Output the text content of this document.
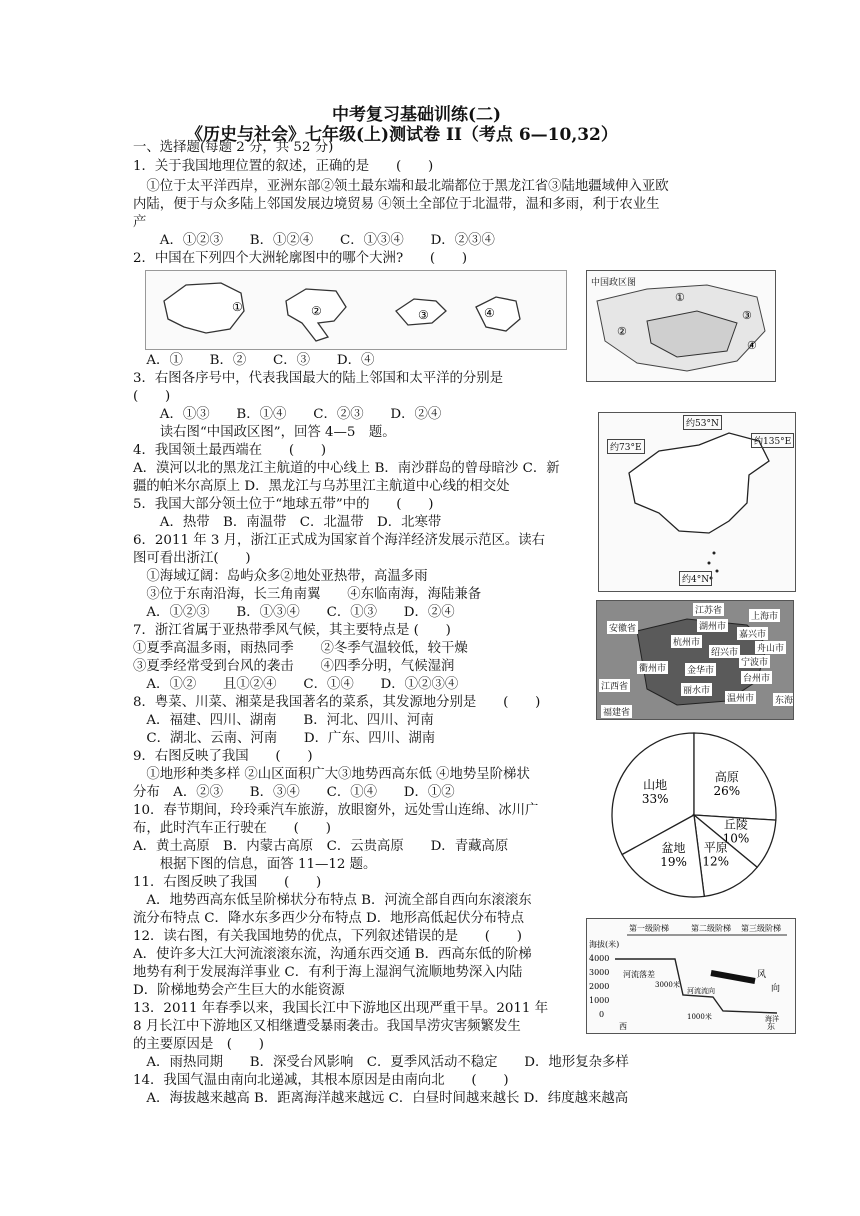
中考复习基础训练(二)
《历史与社会》七年级(上)测试卷 II（考点 6—10,32）
一、选择题(每题 2 分，共 52 分)
1．关于我国地理位置的叙述，正确的是　　(　　)
　①位于太平洋西岸，亚洲东部②领土最东端和最北端都位于黑龙江省③陆地疆域伸入亚欧
内陆，便于与众多陆上邻国发展边境贸易 ④领土全部位于北温带，温和多雨，利于农业生
产
　　A．①②③　　B．①②④　　C．①③④　　D．②③④
2．中国在下列四个大洲轮廓图中的哪个大洲?　　(　　)
　A．①　　B．②　　C．③　　D．④
3．右图各序号中，代表我国最大的陆上邻国和太平洋的分别是
(　　)
　　A．①③　　B．①④　　C．②③　　D．②④
　　读右图“中国政区图”，回答 4—5　题。
4．我国领土最西端在　　(　　)
A．漠河以北的黑龙江主航道的中心线上 B．南沙群岛的曾母暗沙 C．新
疆的帕米尔高原上 D．黑龙江与乌苏里江主航道中心线的相交处
5．我国大部分领土位于“地球五带”中的　　(　　)
　　A．热带　B．南温带　C．北温带　D．北寒带
6．2011 年 3 月，浙江正式成为国家首个海洋经济发展示范区。读右
图可看出浙江(　　)
　①海域辽阔：岛屿众多②地处亚热带，高温多雨
　③位于东南沿海，长三角南翼　　④东临南海，海陆兼备
　A．①②③　　B．①③④　　C．①③　　D．②④
7．浙江省属于亚热带季风气候，其主要特点是 (　　)
①夏季高温多雨，雨热同季　　②冬季气温较低，较干燥
③夏季经常受到台风的袭击　　④四季分明，气候湿润
　A．①②　　且①②④　　C．①④　　D．①②③④
8．粤菜、川菜、湘菜是我国著名的菜系，其发源地分别是　　(　　)
　A．福建、四川、湖南　　B．河北、四川、河南
　C．湖北、云南、河南　　D．广东、四川、湖南
9．右图反映了我国　　(　　)
　①地形种类多样 ②山区面积广大③地势西高东低 ④地势呈阶梯状
分布　A．②③　　B．③④　　C．①④　　D．①②
10．春节期间，玲玲乘汽车旅游，放眼窗外，远处雪山连绵、冰川广
布，此时汽车正行驶在　　(　　)
A．黄土高原　B．内蒙古高原　C．云贵高原　　D．青藏高原
　　根据下图的信息，面答 11—12 题。
11．右图反映了我国　　(　　)
　A．地势西高东低呈阶梯状分布特点 B．河流全部自西向东滚滚东
流分布特点 C．降水东多西少分布特点 D．地形高低起伏分布特点
12．读右图，有关我国地势的优点，下列叙述错误的是　　(　　)
A．使许多大江大河流滚滚东流，沟通东西交通 B．西高东低的阶梯
地势有利于发展海洋事业 C．有利于海上湿润气流顺地势深入内陆
D．阶梯地势会产生巨大的水能资源
13．2011 年春季以来，我国长江中下游地区出现严重干旱。2011 年
8 月长江中下游地区又相继遭受暴雨袭击。我国旱涝灾害频繁发生
的主要原因是　(　　)
　A．雨热同期　　B．深受台风影响　C．夏季风活动不稳定　　D．地形复杂多样
14．我国气温由南向北递减，其根本原因是由南向北　　(　　)
　A．海拔越来越高 B．距离海洋越来越远 C．白昼时间越来越长 D．纬度越来越高
①	②	③	④
中国政区图
①
②
③
④
约53°N
约73°E
约135°E
约4°N
江苏省
上海市
安徽省	湖州市
嘉兴市
杭州市
舟山市
绍兴市
宁波市
衢州市 金华市
台州市
丽水市
温州市
江西省
福建省
东海
山地
33%
高原
26%
丘陵
10%
平原
12%
盆地
19%
第一级阶梯	第二级阶梯 第三级阶梯
海拔(米)
4000
3000
2000
1000
0
河流落差
3000米
河流流向
1000米
风
向
西	东
海洋
